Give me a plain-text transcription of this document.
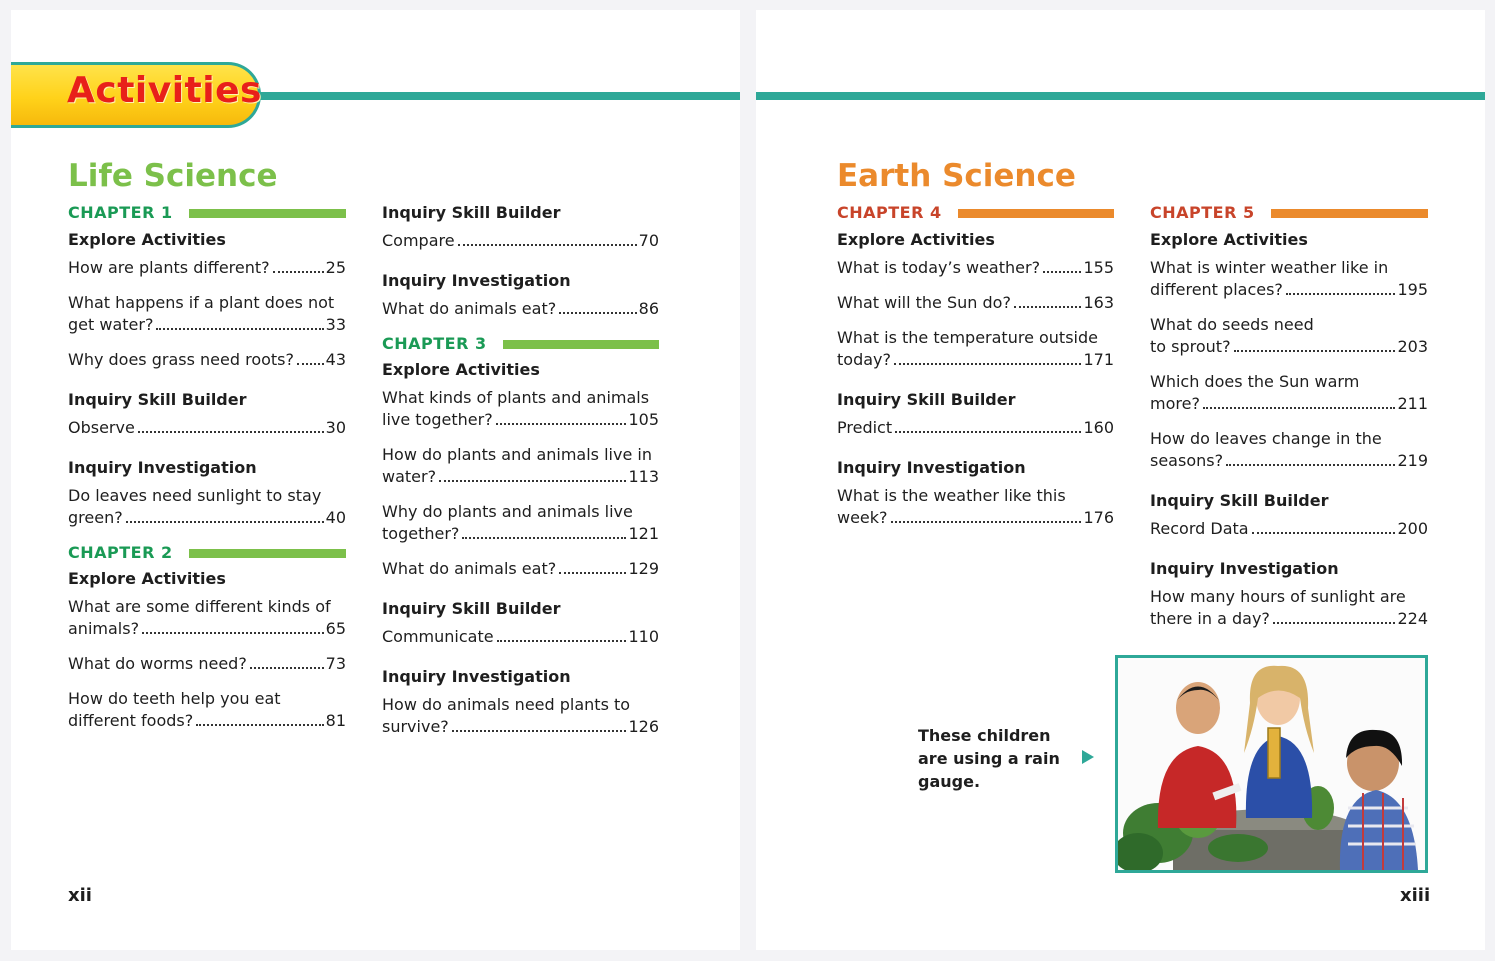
Activities
Life Science
CHAPTER 1
Explore Activities
How are plants different?	25
What happens if a plant does not
get water?	33
Why does grass need roots? 43
Inquiry Skill Builder
Observe	30
Inquiry Investigation
Do leaves need sunlight to stay
green?	40
CHAPTER 2
Explore Activities
What are some different kinds of
animals?	65
What do worms need?	73
How do teeth help you eat
different foods?	81
Inquiry Skill Builder
Compare	70
Inquiry Investigation
What do animals eat?	86
CHAPTER 3
Explore Activities
What kinds of plants and animals
live together?	105
How do plants and animals live in
water?	113
Why do plants and animals live
together?	121
What do animals eat?	129
Inquiry Skill Builder
Communicate	110
Inquiry Investigation
How do animals need plants to
survive?	126
xii
Earth Science
CHAPTER 4
Explore Activities
What is today’s weather?	155
What will the Sun do?	163
What is the temperature outside
today?	171
Inquiry Skill Builder
Predict	160
Inquiry Investigation
What is the weather like this
week?	176
CHAPTER 5
Explore Activities
What is winter weather like in
different places?	195
What do seeds need
to sprout?	203
Which does the Sun warm
more?	211
How do leaves change in the
seasons?	219
Inquiry Skill Builder
Record Data	200
Inquiry Investigation
How many hours of sunlight are
there in a day?	224
These children are using a rain gauge.
xiii
